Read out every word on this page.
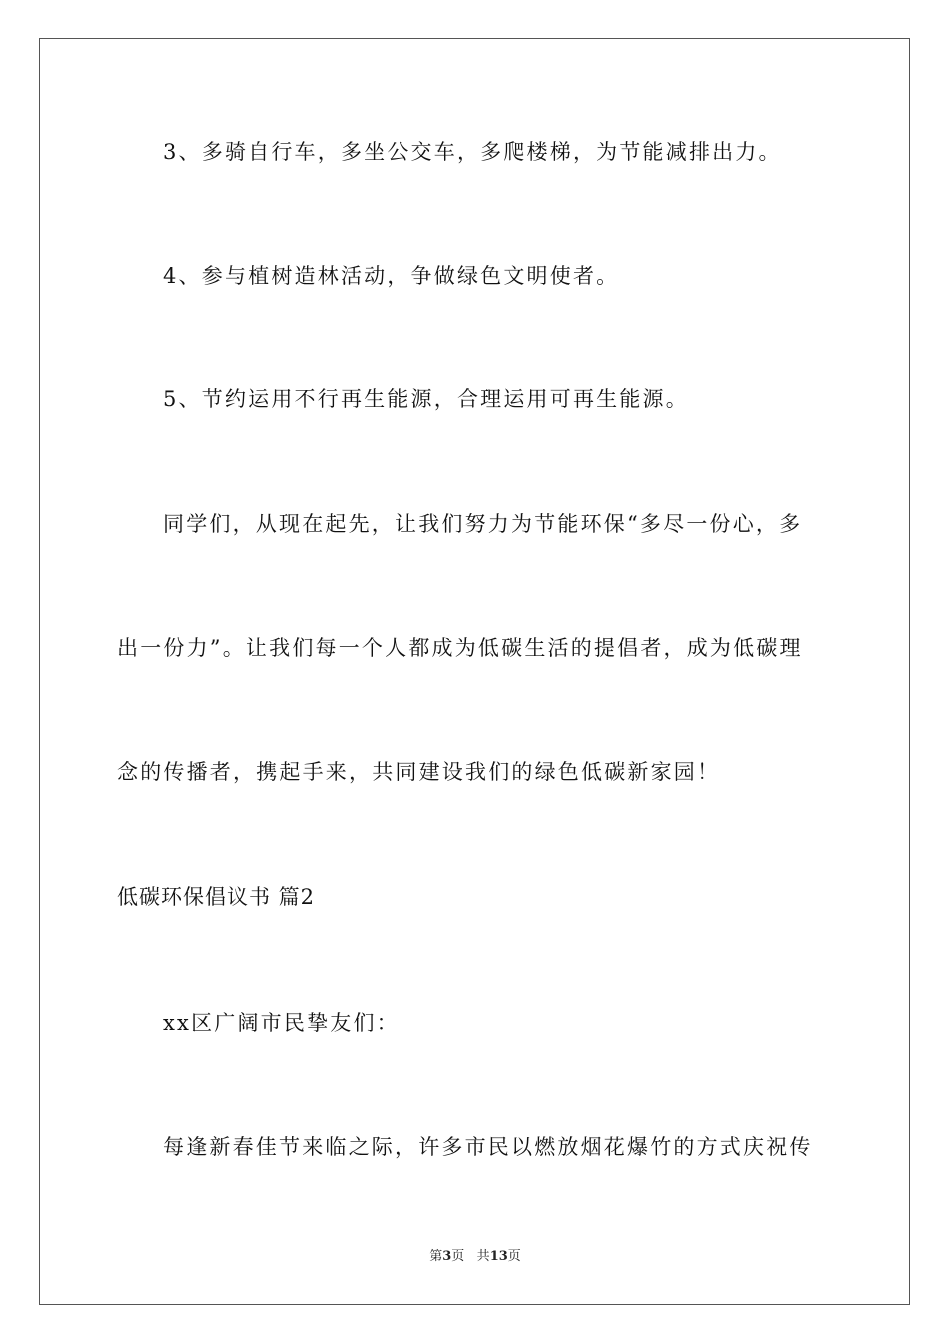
3、多骑自行车，多坐公交车，多爬楼梯，为节能减排出力。
4、参与植树造林活动，争做绿色文明使者。
5、节约运用不行再生能源，合理运用可再生能源。
同学们，从现在起先，让我们努力为节能环保“多尽一份心，多
出一份力”。让我们每一个人都成为低碳生活的提倡者，成为低碳理
念的传播者，携起手来，共同建设我们的绿色低碳新家园！
低碳环保倡议书 篇2
xx区广阔市民挚友们：
每逢新春佳节来临之际，许多市民以燃放烟花爆竹的方式庆祝传
第3页 共13页
